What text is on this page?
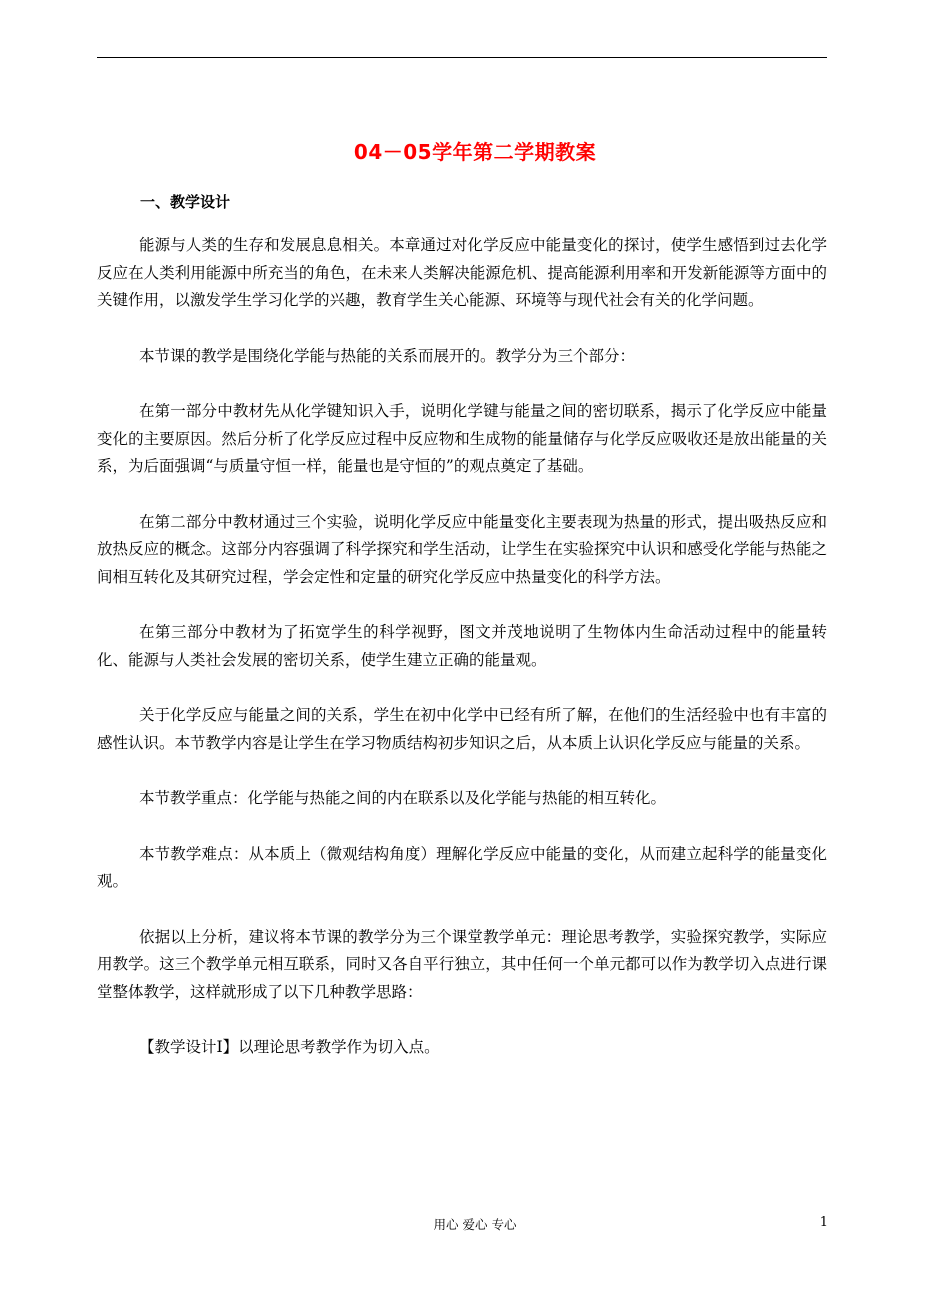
04－05学年第二学期教案
一、教学设计

能源与人类的生存和发展息息相关。本章通过对化学反应中能量变化的探讨，使学生感悟到过去化学反应在人类利用能源中所充当的角色，在未来人类解决能源危机、提高能源利用率和开发新能源等方面中的关键作用，以激发学生学习化学的兴趣，教育学生关心能源、环境等与现代社会有关的化学问题。

本节课的教学是围绕化学能与热能的关系而展开的。教学分为三个部分：

在第一部分中教材先从化学键知识入手，说明化学键与能量之间的密切联系，揭示了化学反应中能量变化的主要原因。然后分析了化学反应过程中反应物和生成物的能量储存与化学反应吸收还是放出能量的关系，为后面强调“与质量守恒一样，能量也是守恒的”的观点奠定了基础。

在第二部分中教材通过三个实验，说明化学反应中能量变化主要表现为热量的形式，提出吸热反应和放热反应的概念。这部分内容强调了科学探究和学生活动，让学生在实验探究中认识和感受化学能与热能之间相互转化及其研究过程，学会定性和定量的研究化学反应中热量变化的科学方法。

在第三部分中教材为了拓宽学生的科学视野，图文并茂地说明了生物体内生命活动过程中的能量转化、能源与人类社会发展的密切关系，使学生建立正确的能量观。

关于化学反应与能量之间的关系，学生在初中化学中已经有所了解，在他们的生活经验中也有丰富的感性认识。本节教学内容是让学生在学习物质结构初步知识之后，从本质上认识化学反应与能量的关系。

本节教学重点：化学能与热能之间的内在联系以及化学能与热能的相互转化。

本节教学难点：从本质上（微观结构角度）理解化学反应中能量的变化，从而建立起科学的能量变化观。

依据以上分析，建议将本节课的教学分为三个课堂教学单元：理论思考教学，实验探究教学，实际应用教学。这三个教学单元相互联系，同时又各自平行独立，其中任何一个单元都可以作为教学切入点进行课堂整体教学，这样就形成了以下几种教学思路：

【教学设计Ⅰ】以理论思考教学作为切入点。

用心 爱心 专心	1
